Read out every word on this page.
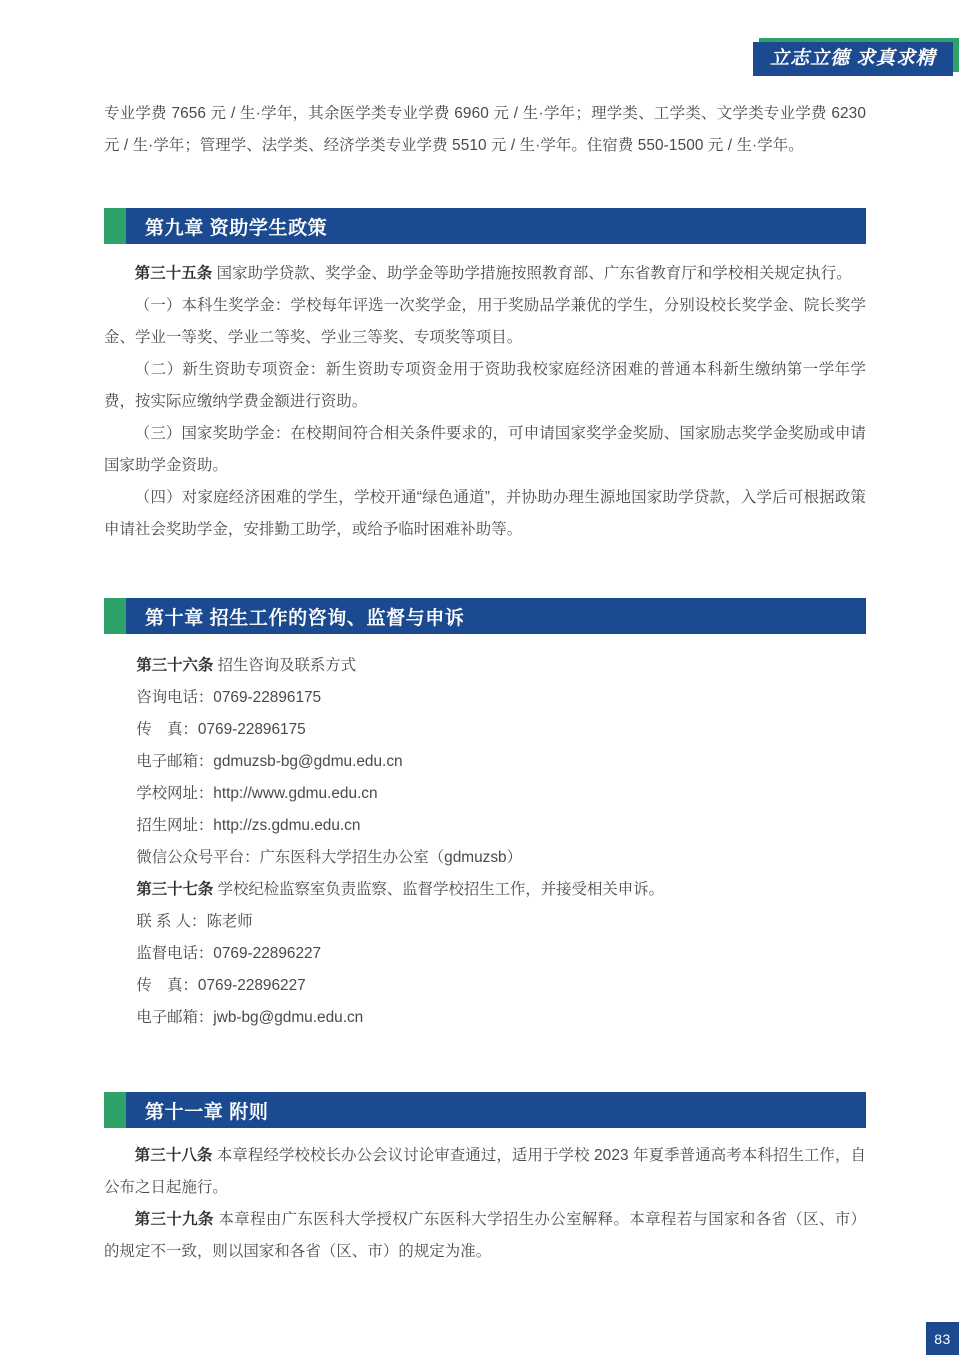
立志立德 求真求精

专业学费 7656 元 / 生·学年，其余医学类专业学费 6960 元 / 生·学年；理学类、工学类、文学类专业学费 6230 元 / 生·学年；管理学、法学类、经济学类专业学费 5510 元 / 生·学年。住宿费 550-1500 元 / 生·学年。

第九章 资助学生政策

第三十五条 国家助学贷款、奖学金、助学金等助学措施按照教育部、广东省教育厅和学校相关规定执行。

（一）本科生奖学金：学校每年评选一次奖学金，用于奖励品学兼优的学生，分别设校长奖学金、院长奖学金、学业一等奖、学业二等奖、学业三等奖、专项奖等项目。

（二）新生资助专项资金：新生资助专项资金用于资助我校家庭经济困难的普通本科新生缴纳第一学年学费，按实际应缴纳学费金额进行资助。

（三）国家奖助学金：在校期间符合相关条件要求的，可申请国家奖学金奖励、国家励志奖学金奖励或申请国家助学金资助。

（四）对家庭经济困难的学生，学校开通“绿色通道”，并协助办理生源地国家助学贷款，入学后可根据政策申请社会奖助学金，安排勤工助学，或给予临时困难补助等。

第十章 招生工作的咨询、监督与申诉
第三十六条 招生咨询及联系方式
咨询电话：0769-22896175
传　真：0769-22896175
电子邮箱：gdmuzsb-bg@gdmu.edu.cn
学校网址：http://www.gdmu.edu.cn
招生网址：http://zs.gdmu.edu.cn
微信公众号平台：广东医科大学招生办公室（gdmuzsb）
第三十七条 学校纪检监察室负责监察、监督学校招生工作，并接受相关申诉。
联 系 人：陈老师
监督电话：0769-22896227
传　真：0769-22896227
电子邮箱：jwb-bg@gdmu.edu.cn
第十一章 附则

第三十八条 本章程经学校校长办公会议讨论审查通过，适用于学校 2023 年夏季普通高考本科招生工作，自公布之日起施行。

第三十九条 本章程由广东医科大学授权广东医科大学招生办公室解释。本章程若与国家和各省（区、市）的规定不一致，则以国家和各省（区、市）的规定为准。

83
